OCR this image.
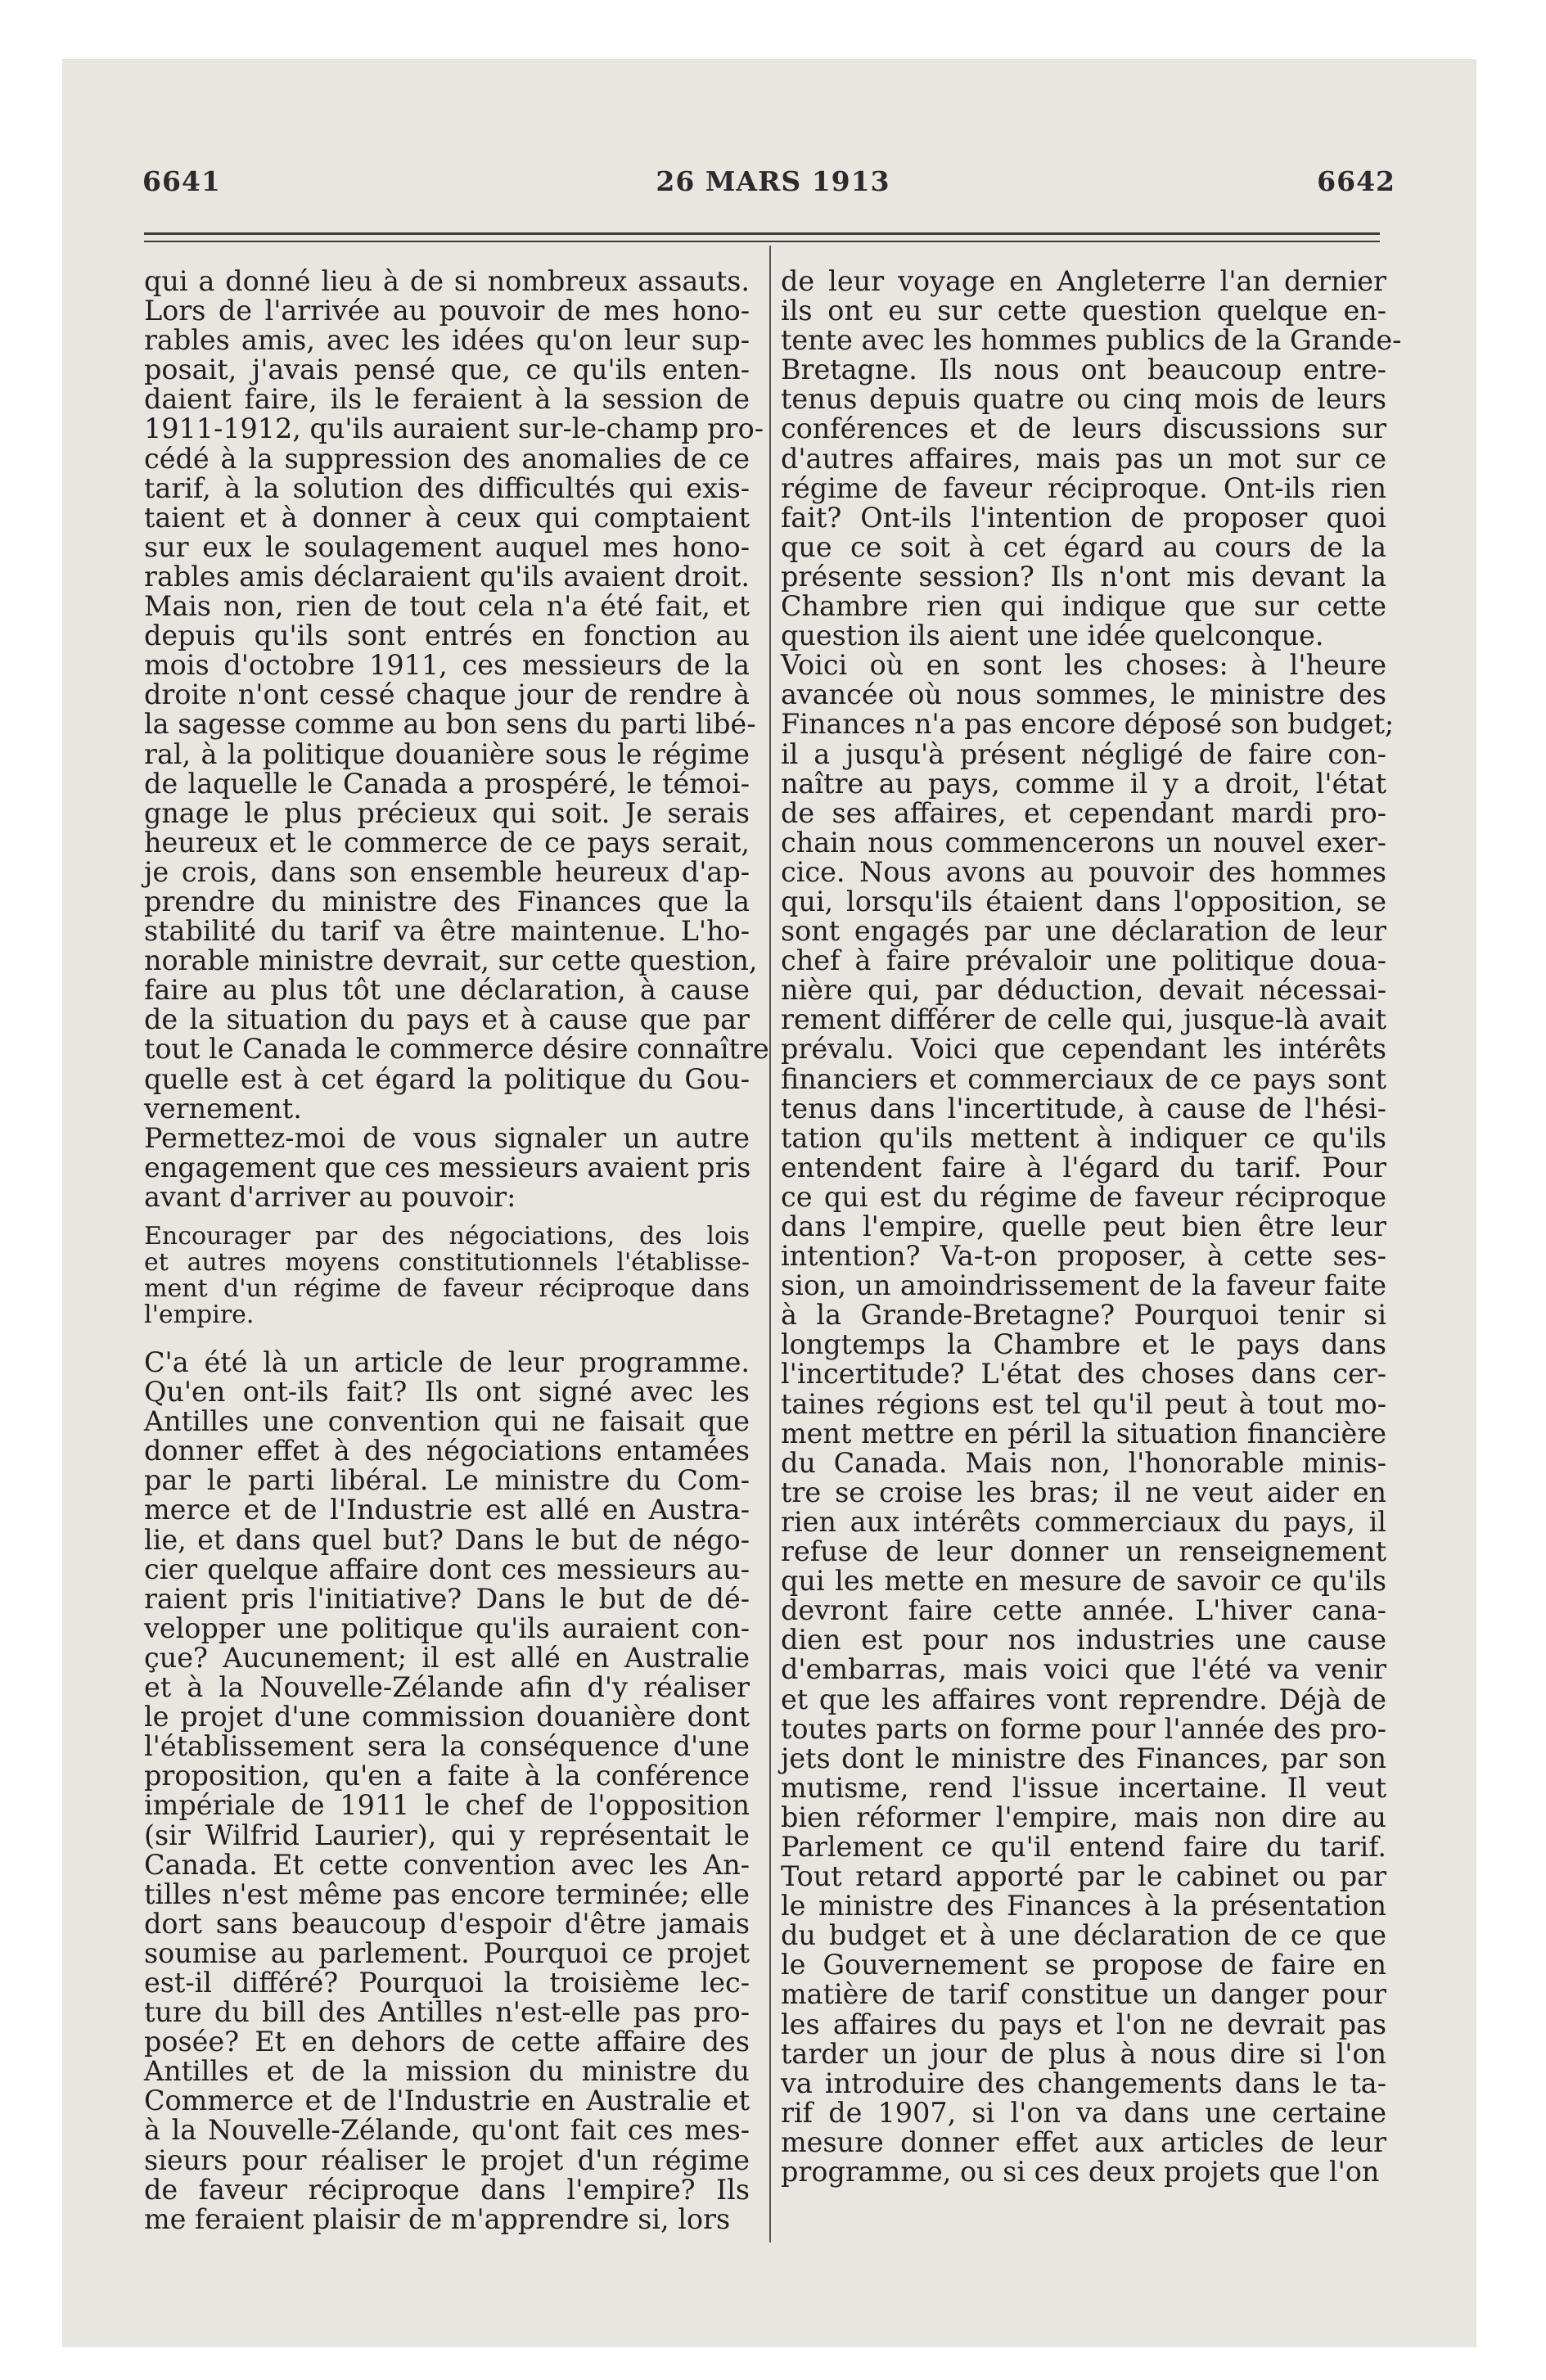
6641	26 MARS 1913	6642
qui a donné lieu à de si nombreux assauts.
Lors de l'arrivée au pouvoir de mes hono-
rables amis, avec les idées qu'on leur sup-
posait, j'avais pensé que, ce qu'ils enten-
daient faire, ils le feraient à la session de
1911-1912, qu'ils auraient sur-le-champ pro-
cédé à la suppression des anomalies de ce
tarif, à la solution des difficultés qui exis-
taient et à donner à ceux qui comptaient
sur eux le soulagement auquel mes hono-
rables amis déclaraient qu'ils avaient droit.
Mais non, rien de tout cela n'a été fait, et
depuis qu'ils sont entrés en fonction au
mois d'octobre 1911, ces messieurs de la
droite n'ont cessé chaque jour de rendre à
la sagesse comme au bon sens du parti libé-
ral, à la politique douanière sous le régime
de laquelle le Canada a prospéré, le témoi-
gnage le plus précieux qui soit. Je serais
heureux et le commerce de ce pays serait,
je crois, dans son ensemble heureux d'ap-
prendre du ministre des Finances que la
stabilité du tarif va être maintenue. L'ho-
norable ministre devrait, sur cette question,
faire au plus tôt une déclaration, à cause
de la situation du pays et à cause que par
tout le Canada le commerce désire connaître
quelle est à cet égard la politique du Gou-
vernement.
Permettez-moi de vous signaler un autre
engagement que ces messieurs avaient pris
avant d'arriver au pouvoir:
Encourager par des négociations, des lois
et autres moyens constitutionnels l'établisse-
ment d'un régime de faveur réciproque dans
l'empire.
C'a été là un article de leur programme.
Qu'en ont-ils fait? Ils ont signé avec les
Antilles une convention qui ne faisait que
donner effet à des négociations entamées
par le parti libéral. Le ministre du Com-
merce et de l'Industrie est allé en Austra-
lie, et dans quel but? Dans le but de négo-
cier quelque affaire dont ces messieurs au-
raient pris l'initiative? Dans le but de dé-
velopper une politique qu'ils auraient con-
çue? Aucunement; il est allé en Australie
et à la Nouvelle-Zélande afin d'y réaliser
le projet d'une commission douanière dont
l'établissement sera la conséquence d'une
proposition, qu'en a faite à la conférence
impériale de 1911 le chef de l'opposition
(sir Wilfrid Laurier), qui y représentait le
Canada. Et cette convention avec les An-
tilles n'est même pas encore terminée; elle
dort sans beaucoup d'espoir d'être jamais
soumise au parlement. Pourquoi ce projet
est-il différé? Pourquoi la troisième lec-
ture du bill des Antilles n'est-elle pas pro-
posée? Et en dehors de cette affaire des
Antilles et de la mission du ministre du
Commerce et de l'Industrie en Australie et
à la Nouvelle-Zélande, qu'ont fait ces mes-
sieurs pour réaliser le projet d'un régime
de faveur réciproque dans l'empire? Ils
me feraient plaisir de m'apprendre si, lors
de leur voyage en Angleterre l'an dernier
ils ont eu sur cette question quelque en-
tente avec les hommes publics de la Grande-
Bretagne. Ils nous ont beaucoup entre-
tenus depuis quatre ou cinq mois de leurs
conférences et de leurs discussions sur
d'autres affaires, mais pas un mot sur ce
régime de faveur réciproque. Ont-ils rien
fait? Ont-ils l'intention de proposer quoi
que ce soit à cet égard au cours de la
présente session? Ils n'ont mis devant la
Chambre rien qui indique que sur cette
question ils aient une idée quelconque.
Voici où en sont les choses: à l'heure
avancée où nous sommes, le ministre des
Finances n'a pas encore déposé son budget;
il a jusqu'à présent négligé de faire con-
naître au pays, comme il y a droit, l'état
de ses affaires, et cependant mardi pro-
chain nous commencerons un nouvel exer-
cice. Nous avons au pouvoir des hommes
qui, lorsqu'ils étaient dans l'opposition, se
sont engagés par une déclaration de leur
chef à faire prévaloir une politique doua-
nière qui, par déduction, devait nécessai-
rement différer de celle qui, jusque-là avait
prévalu. Voici que cependant les intérêts
financiers et commerciaux de ce pays sont
tenus dans l'incertitude, à cause de l'hési-
tation qu'ils mettent à indiquer ce qu'ils
entendent faire à l'égard du tarif. Pour
ce qui est du régime de faveur réciproque
dans l'empire, quelle peut bien être leur
intention? Va-t-on proposer, à cette ses-
sion, un amoindrissement de la faveur faite
à la Grande-Bretagne? Pourquoi tenir si
longtemps la Chambre et le pays dans
l'incertitude? L'état des choses dans cer-
taines régions est tel qu'il peut à tout mo-
ment mettre en péril la situation financière
du Canada. Mais non, l'honorable minis-
tre se croise les bras; il ne veut aider en
rien aux intérêts commerciaux du pays, il
refuse de leur donner un renseignement
qui les mette en mesure de savoir ce qu'ils
devront faire cette année. L'hiver cana-
dien est pour nos industries une cause
d'embarras, mais voici que l'été va venir
et que les affaires vont reprendre. Déjà de
toutes parts on forme pour l'année des pro-
jets dont le ministre des Finances, par son
mutisme, rend l'issue incertaine. Il veut
bien réformer l'empire, mais non dire au
Parlement ce qu'il entend faire du tarif.
Tout retard apporté par le cabinet ou par
le ministre des Finances à la présentation
du budget et à une déclaration de ce que
le Gouvernement se propose de faire en
matière de tarif constitue un danger pour
les affaires du pays et l'on ne devrait pas
tarder un jour de plus à nous dire si l'on
va introduire des changements dans le ta-
rif de 1907, si l'on va dans une certaine
mesure donner effet aux articles de leur
programme, ou si ces deux projets que l'on
